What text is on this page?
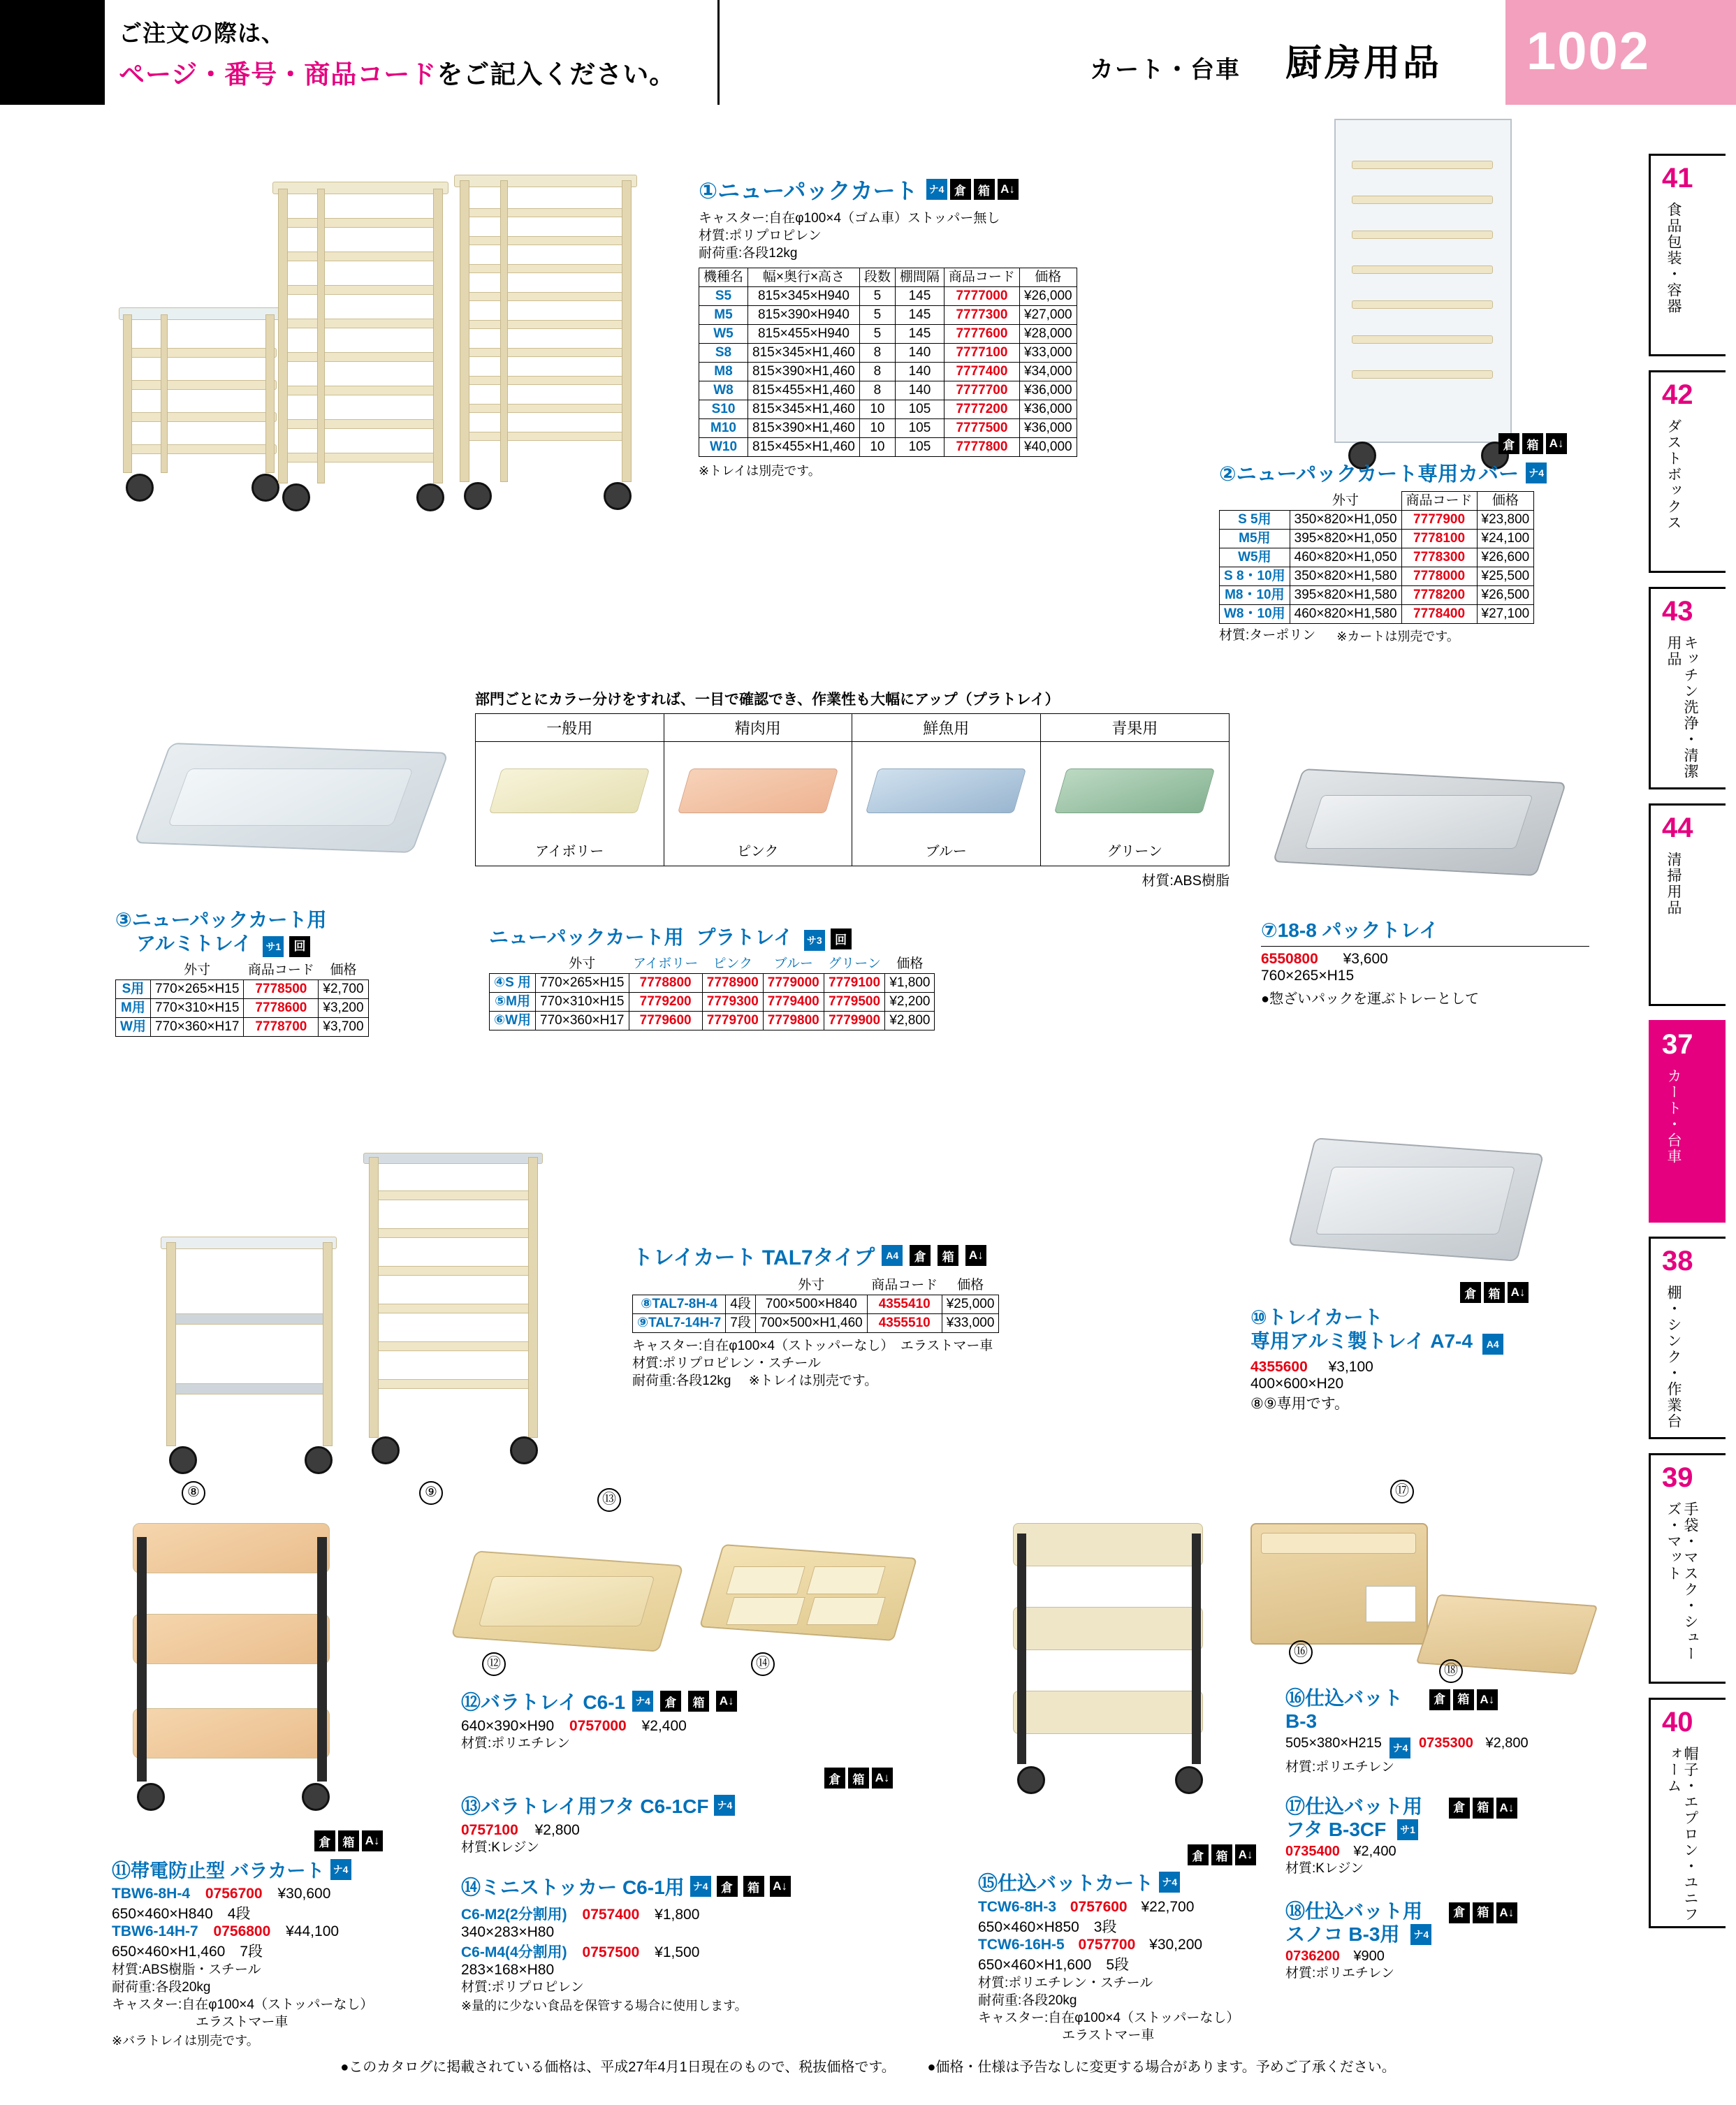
ご注文の際は、
ページ・番号・商品コードをご記入ください。	カート・台車 厨房用品 1002
41
食品包装・容器
42
ダストボックス
43
キッチン洗浄・清潔用品
44
清掃用品
37
カート・台車
38
棚・シンク・作業台
39
手袋・マスク・シューズ・マット
40
帽子・エプロン・ユニフォーム
①ニューパックカート ナ4 倉	箱 A↓
キャスター:自在φ100×4（ゴム車）ストッパー無し
材質:ポリプロピレン
耐荷重:各段12kg
機種名	幅×奥行×高さ	段数	棚間隔	商品コード	価格
S5	815×345×H940	5	145	7777000	¥26,000
M5	815×390×H940	5	145	7777300	¥27,000
W5	815×455×H940	5	145	7777600	¥28,000
S8	815×345×H1,460	8	140	7777100	¥33,000
M8	815×390×H1,460	8	140	7777400	¥34,000
W8	815×455×H1,460	8	140	7777700	¥36,000
S10	815×345×H1,460	10	105	7777200	¥36,000
M10	815×390×H1,460	10	105	7777500	¥36,000
W10	815×455×H1,460	10	105	7777800	¥40,000
※トレイは別売です。
倉	箱 A↓
②ニューパックカート専用カバー ナ4
	外寸	商品コード	価格
S 5用	350×820×H1,050	7777900	¥23,800
M5用	395×820×H1,050	7778100	¥24,100
W5用	460×820×H1,050	7778300	¥26,600
S 8・10用	350×820×H1,580	7778000	¥25,500
M8・10用	395×820×H1,580	7778200	¥26,500
W8・10用	460×820×H1,580	7778400	¥27,100
材質:ターポリン ※カートは別売です。
部門ごとにカラー分けをすれば、一目で確認でき、作業性も大幅にアップ（プラトレイ）
一般用
アイボリー
精肉用
ピンク
鮮魚用
ブルー
青果用
グリーン
材質:ABS樹脂
③ニューパックカート用
アルミトレイ サ1 回
	外寸	商品コード	価格
S用	770×265×H15	7778500	¥2,700
M用	770×310×H15	7778600	¥3,200
W用	770×360×H17	7778700	¥3,700
ニューパックカート用 プラトレイ サ3 回
	外寸	アイボリー	ピンク	ブルー	グリーン	価格
④S 用	770×265×H15	7778800	7778900	7779000	7779100	¥1,800
⑤M用	770×310×H15	7779200	7779300	7779400	7779500	¥2,200
⑥W用	770×360×H17	7779600	7779700	7779800	7779900	¥2,800
⑦18-8 パックトレイ
6550800 ¥3,600
760×265×H15
●惣ざいパックを運ぶトレーとして
⑧	⑨
トレイカート TAL7タイプ	A4	倉	箱	A↓
		外寸	商品コード	価格
⑧TAL7-8H-4	4段	700×500×H840	4355410	¥25,000
⑨TAL7-14H-7	7段	700×500×H1,460	4355510	¥33,000
キャスター:自在φ100×4（ストッパーなし）　エラストマー車
材質:ポリプロピレン・スチール
耐荷重:各段12kg ※トレイは別売です。
倉	箱 A↓
⑩トレイカート
専用アルミ製トレイ A7-4 A4
4355600 ¥3,100
400×600×H20
⑧⑨専用です。
倉	箱 A↓
⑪帯電防止型 バラカート ナ4
TBW6-8H-4 0756700 ¥30,600
650×460×H840　4段
TBW6-14H-7 0756800 ¥44,100
650×460×H1,460　7段
材質:ABS樹脂・スチール
耐荷重:各段20kg
キャスター:自在φ100×4（ストッパーなし）
エラストマー車
※バラトレイは別売です。
⑫
⑬
⑭
⑫バラトレイ C6-1 ナ4	倉	箱	A↓
640×390×H90 0757000 ¥2,400
材質:ポリエチレン
倉	箱 A↓
⑬バラトレイ用フタ C6-1CF ナ4
0757100 ¥2,800
材質:Kレジン
⑭ミニストッカー C6-1用 ナ4	倉	箱	A↓
C6-M2(2分割用) 0757400 ¥1,800
340×283×H80
C6-M4(4分割用) 0757500 ¥1,500
283×168×H80
材質:ポリプロピレン
※量的に少ない食品を保管する場合に使用します。
倉	箱 A↓
⑮仕込バットカート ナ4
TCW6-8H-3 0757600 ¥22,700
650×460×H850　3段
TCW6-16H-5 0757700 ¥30,200
650×460×H1,600　5段
材質:ポリエチレン・スチール
耐荷重:各段20kg
キャスター:自在φ100×4（ストッパーなし）
エラストマー車
⑯
⑰
⑱
⑯仕込バット	倉	箱 A↓

B-3
505×380×H215 ナ4 0735300 ¥2,800
材質:ポリエチレン
⑰仕込バット用	倉	箱 A↓

フタ B-3CF サ1
0735400 ¥2,400
材質:Kレジン
⑱仕込バット用	倉	箱 A↓

スノコ B-3用 ナ4
0736200 ¥900
材質:ポリエチレン
●このカタログに掲載されている価格は、平成27年4月1日現在のもので、税抜価格です。 ●価格・仕様は予告なしに変更する場合があります。予めご了承ください。
